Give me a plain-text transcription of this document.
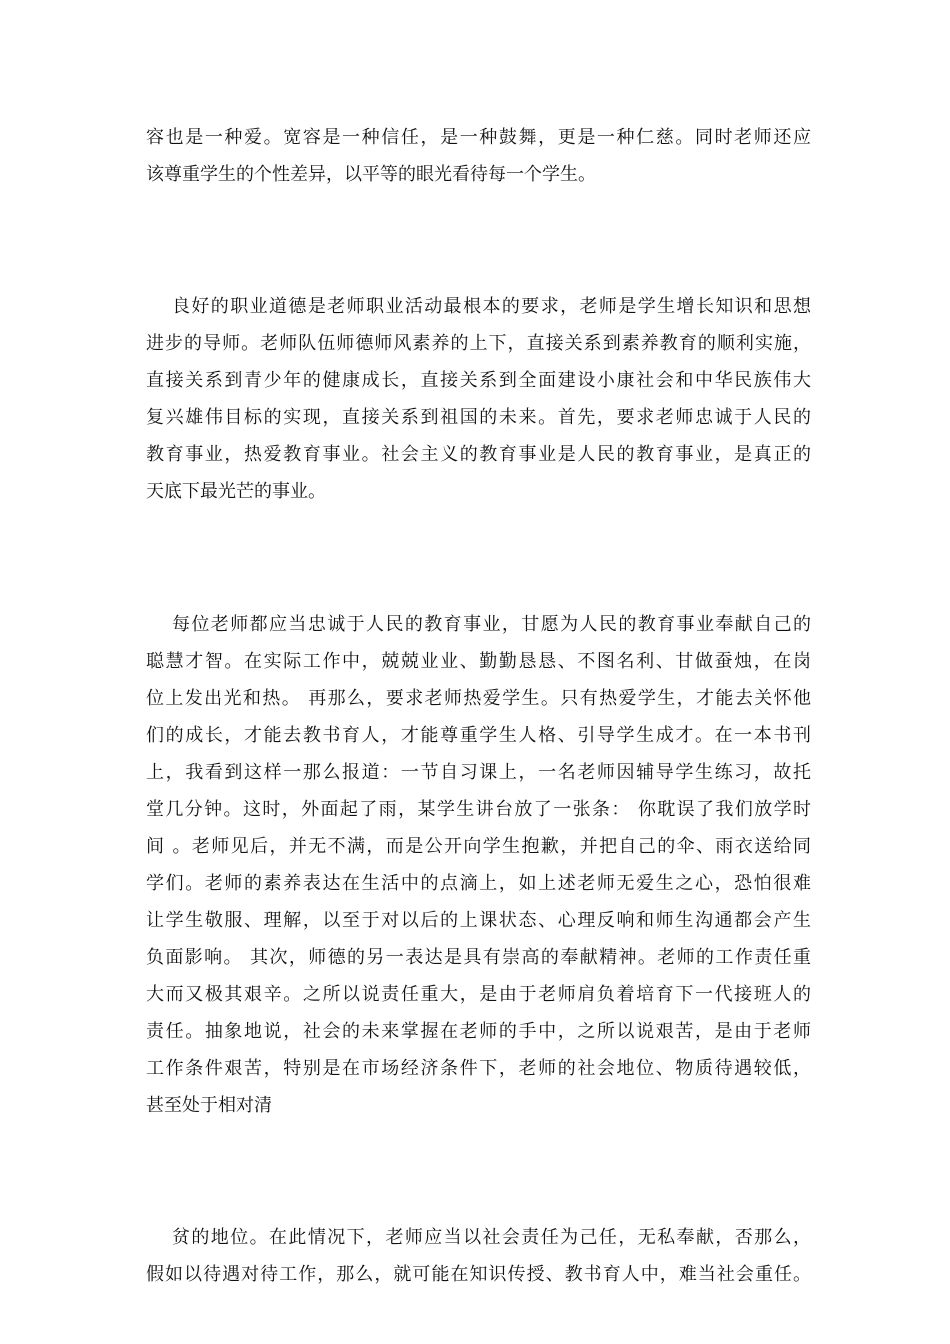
容也是一种爱。宽容是一种信任，是一种鼓舞，更是一种仁慈。同时老师还应
该尊重学生的个性差异，以平等的眼光看待每一个学生。
良好的职业道德是老师职业活动最根本的要求，老师是学生增长知识和思想
进步的导师。老师队伍师德师风素养的上下，直接关系到素养教育的顺利实施，
直接关系到青少年的健康成长，直接关系到全面建设小康社会和中华民族伟大
复兴雄伟目标的实现，直接关系到祖国的未来。首先，要求老师忠诚于人民的
教育事业，热爱教育事业。社会主义的教育事业是人民的教育事业，是真正的
天底下最光芒的事业。
每位老师都应当忠诚于人民的教育事业，甘愿为人民的教育事业奉献自己的
聪慧才智。在实际工作中，兢兢业业、勤勤恳恳、不图名利、甘做蚕烛，在岗
位上发出光和热。 再那么，要求老师热爱学生。只有热爱学生，才能去关怀他
们的成长，才能去教书育人，才能尊重学生人格、引导学生成才。在一本书刊
上，我看到这样一那么报道：一节自习课上，一名老师因辅导学生练习，故托
堂几分钟。这时，外面起了雨，某学生讲台放了一张条： 你耽误了我们放学时
间 。老师见后，并无不满，而是公开向学生抱歉，并把自己的伞、雨衣送给同
学们。老师的素养表达在生活中的点滴上，如上述老师无爱生之心，恐怕很难
让学生敬服、理解，以至于对以后的上课状态、心理反响和师生沟通都会产生
负面影响。 其次，师德的另一表达是具有崇高的奉献精神。老师的工作责任重
大而又极其艰辛。之所以说责任重大，是由于老师肩负着培育下一代接班人的
责任。抽象地说，社会的未来掌握在老师的手中，之所以说艰苦，是由于老师
工作条件艰苦，特别是在市场经济条件下，老师的社会地位、物质待遇较低，
甚至处于相对清
贫的地位。在此情况下，老师应当以社会责任为己任，无私奉献，否那么，
假如以待遇对待工作，那么，就可能在知识传授、教书育人中，难当社会重任。
